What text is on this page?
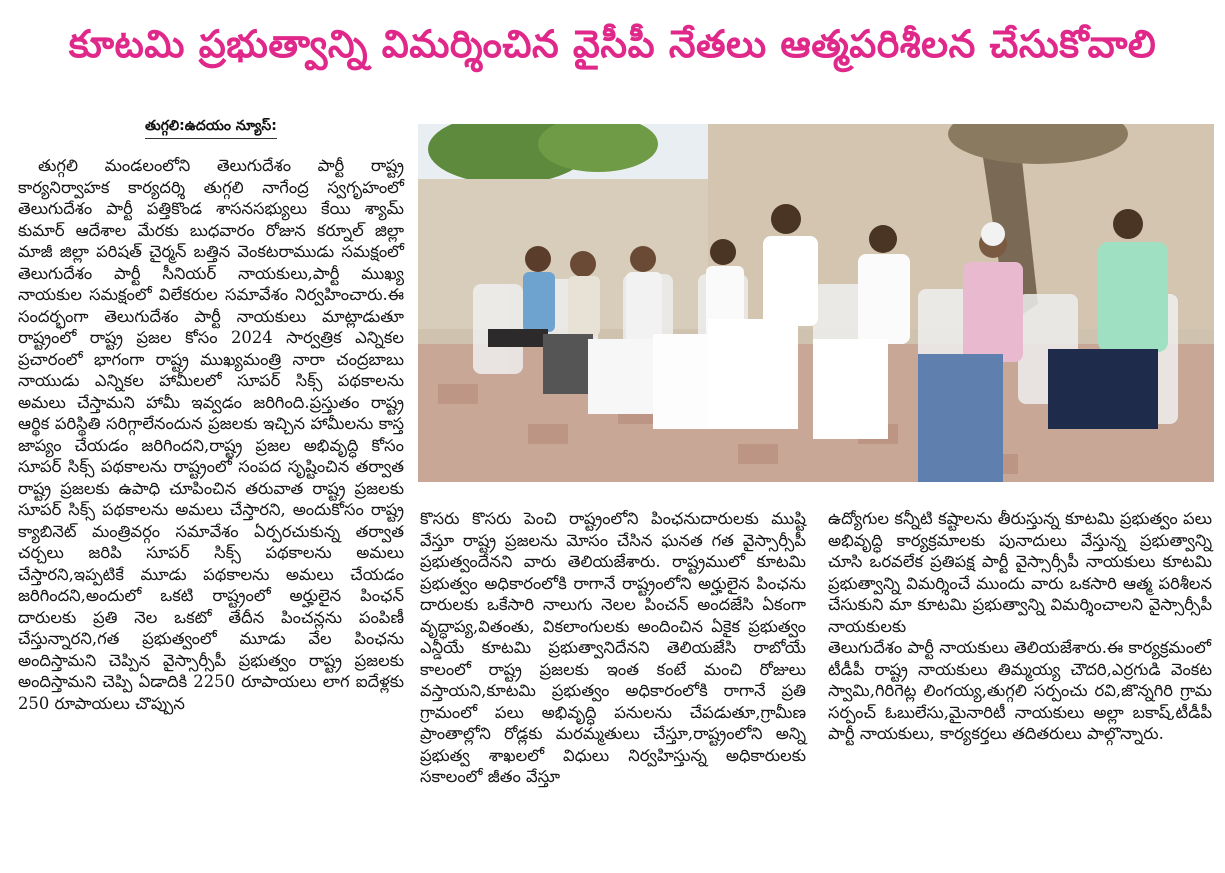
కూటమి ప్రభుత్వాన్ని విమర్శించిన వైసీపీ నేతలు ఆత్మపరిశీలన చేసుకోవాలి
తుగ్గలి:ఉదయం న్యూస్:

తుగ్గలి మండలంలోని తెలుగుదేశం పార్టీ రాష్ట్ర కార్యనిర్వాహక కార్యదర్శి తుగ్గలి నాగేంద్ర స్వగృహంలో తెలుగుదేశం పార్టీ పత్తికొండ శాసనసభ్యులు కేయి శ్యామ్ కుమార్ ఆదేశాల మేరకు బుధవారం రోజున కర్నూల్ జిల్లా మాజీ జిల్లా పరిషత్ చైర్మన్ బత్తిన వెంకటరాముడు సమక్షంలో తెలుగుదేశం పార్టీ సీనియర్ నాయకులు,పార్టీ ముఖ్య నాయకుల సమక్షంలో విలేకరుల సమావేశం నిర్వహించారు.ఈ సందర్భంగా తెలుగుదేశం పార్టీ నాయకులు మాట్లాడుతూ రాష్ట్రంలో రాష్ట్ర ప్రజల కోసం 2024 సార్వత్రిక ఎన్నికల ప్రచారంలో భాగంగా రాష్ట్ర ముఖ్యమంత్రి నారా చంద్రబాబు నాయుడు ఎన్నికల హామీలలో సూపర్ సిక్స్ పథకాలను అమలు చేస్తామని హామీ ఇవ్వడం జరిగింది.ప్రస్తుతం రాష్ట్ర ఆర్థిక పరిస్థితి సరిగ్గాలేనందున ప్రజలకు ఇచ్చిన హామీలను కాస్త జాప్యం చేయడం జరిగిందని,రాష్ట్ర ప్రజల అభివృద్ధి కోసం సూపర్ సిక్స్ పథకాలను రాష్ట్రంలో సంపద సృష్టించిన తర్వాత రాష్ట్ర ప్రజలకు ఉపాధి చూపించిన తరువాత రాష్ట్ర ప్రజలకు సూపర్ సిక్స్ పథకాలను అమలు చేస్తారని, అందుకోసం రాష్ట్ర క్యాబినెట్ మంత్రివర్గం సమావేశం ఏర్పరచుకున్న తర్వాత చర్చలు జరిపి సూపర్ సిక్స్ పథకాలను అమలు చేస్తారని,ఇప్పటికే మూడు పథకాలను అమలు చేయడం జరిగిందని,అందులో ఒకటి రాష్ట్రంలో అర్హులైన పింఛన్ దారులకు ప్రతి నెల ఒకటో తేదీన పించన్లను పంపిణీ చేస్తున్నారని,గత ప్రభుత్వంలో మూడు వేల పింఛను అందిస్తామని చెప్పిన వైస్సార్సీపీ ప్రభుత్వం రాష్ట్ర ప్రజలకు అందిస్తామని చెప్పి ఏడాదికి 2250 రూపాయలు లాగ ఐదేళ్లకు 250 రూపాయలు చొప్పున

కొసరు కొసరు పెంచి రాష్ట్రంలోని పింఛనుదారులకు ముష్టి వేస్తూ రాష్ట్ర ప్రజలను మోసం చేసిన ఘనత గత వైస్సార్సీపీ ప్రభుత్వందేనని వారు తెలియజేశారు. రాష్ట్రములో కూటమి ప్రభుత్వం అధికారంలోకి రాగానే రాష్ట్రంలోని అర్హులైన పింఛను దారులకు ఒకేసారి నాలుగు నెలల పించన్ అందజేసి ఏకంగా వృద్ధాప్య,వితంతు, వికలాంగులకు అందించిన ఏకైక ప్రభుత్వం ఎన్డీయే కూటమి ప్రభుత్వానిదేనని తెలియజేసి రాబోయే కాలంలో రాష్ట్ర ప్రజలకు ఇంత కంటే మంచి రోజులు వస్తాయని,కూటమి ప్రభుత్వం అధికారంలోకి రాగానే ప్రతి గ్రామంలో పలు అభివృద్ధి పనులను చేపడుతూ,గ్రామీణ ప్రాంతాల్లోని రోడ్లకు మరమ్మతులు చేస్తూ,రాష్ట్రంలోని అన్ని ప్రభుత్వ శాఖలలో విధులు నిర్వహిస్తున్న అధికారులకు సకాలంలో జీతం వేస్తూ

ఉద్యోగుల కన్నీటి కష్టాలను తీరుస్తున్న కూటమి ప్రభుత్వం పలు అభివృద్ధి కార్యక్రమాలకు పునాదులు వేస్తున్న ప్రభుత్వాన్ని చూసి ఒరవలేక ప్రతిపక్ష పార్టీ వైస్సార్సీపీ నాయకులు కూటమి ప్రభుత్వాన్ని విమర్శించే ముందు వారు ఒకసారి ఆత్మ పరిశీలన చేసుకుని మా కూటమి ప్రభుత్వాన్ని విమర్శించాలని వైస్సార్సీపీ నాయకులకు

తెలుగుదేశం పార్టీ నాయకులు తెలియజేశారు.ఈ కార్యక్రమంలో

టీడీపీ రాష్ట్ర నాయకులు తిమ్మయ్య చౌదరి,ఎర్రగుడి వెంకట స్వామి,గిరిగెట్ల లింగయ్య,తుగ్గలి సర్పంచు రవి,జొన్నగిరి గ్రామ సర్పంచ్ ఓబులేసు,మైనారిటీ నాయకులు అల్లా బకాష్,టీడీపీ పార్టీ నాయకులు, కార్యకర్తలు తదితరులు పాల్గొన్నారు.
